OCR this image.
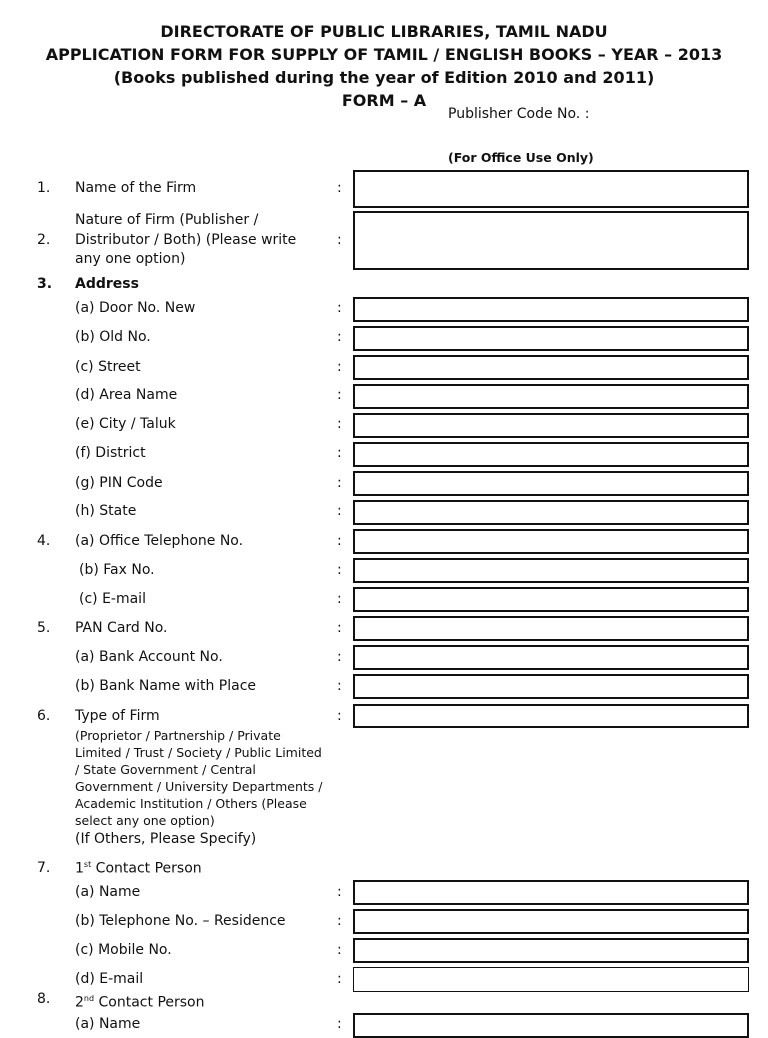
DIRECTORATE OF PUBLIC LIBRARIES, TAMIL NADU
APPLICATION FORM FOR SUPPLY OF TAMIL / ENGLISH BOOKS – YEAR – 2013
(Books published during the year of Edition 2010 and 2011)
FORM – A
Publisher Code No. :
(For Office Use Only)
1. Name of the Firm	:
Nature of Firm (Publisher /
2. Distributor / Both) (Please write
any one option)
:
3. Address
(a) Door No. New	:
(b) Old No.	:
(c) Street	:
(d) Area Name	:
(e) City / Taluk	:
(f) District	:
(g) PIN Code	:
(h) State	:
4. (a) Office Telephone No.	:
(b) Fax No.	:
(c) E-mail	:
5. PAN Card No.	:
(a) Bank Account No.	:
(b) Bank Name with Place	:
6. Type of Firm	:
(Proprietor / Partnership / Private Limited / Trust / Society / Public Limited / State Government / Central Government / University Departments / Academic Institution / Others (Please select any one option)
(If Others, Please Specify)
7. 1st Contact Person
(a) Name	:
(b) Telephone No. – Residence	:
(c) Mobile No.	:
(d) E-mail	:
8. 2nd Contact Person
(a) Name	:
